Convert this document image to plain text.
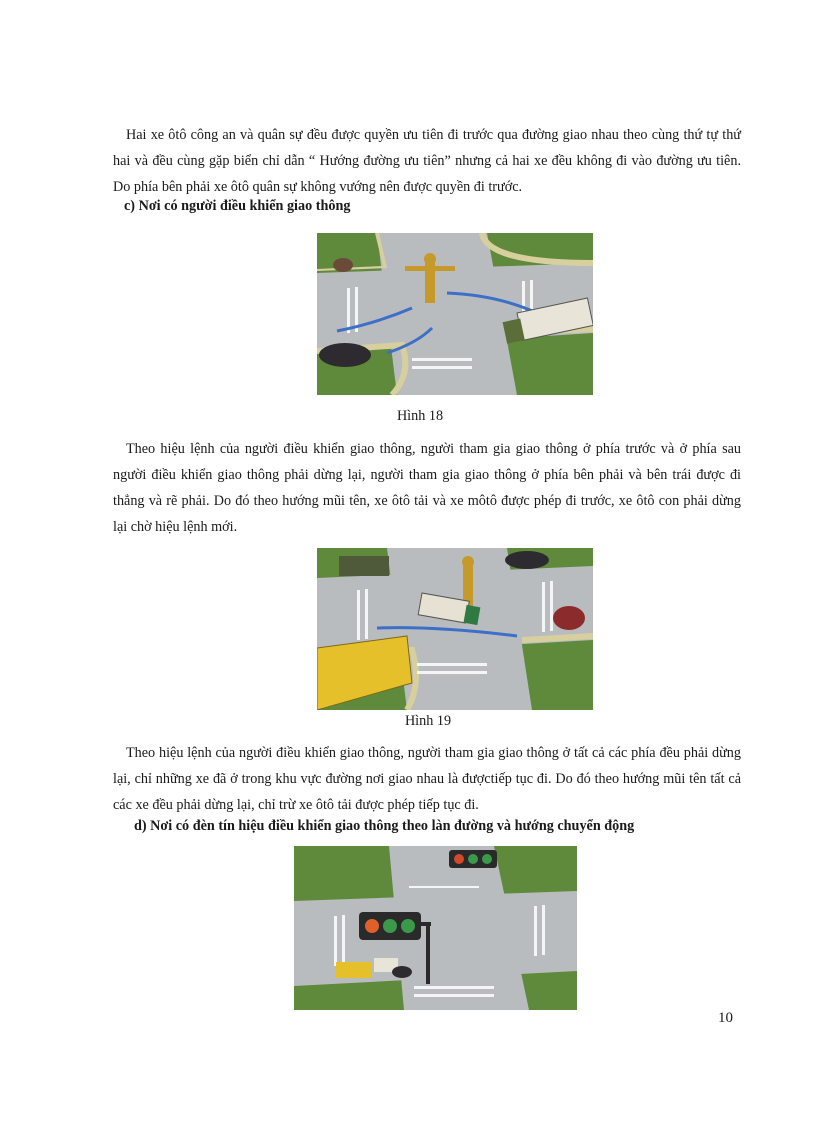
Hai xe ôtô công an và quân sự đều được quyền ưu tiên đi trước qua đường giao nhau theo cùng thứ tự thứ hai và đều cùng gặp biển chỉ dẫn “ Hướng đường ưu tiên” nhưng cả hai xe đều không đi vào đường ưu tiên. Do phía bên phải xe ôtô quân sự không vướng nên được quyền đi trước.

c) Nơi có người điều khiển giao thông

Hình 18

Theo hiệu lệnh của người điều khiển giao thông, người tham gia giao thông ở phía trước và ở phía sau người điều khiển giao thông phải dừng lại, người tham gia giao thông ở phía bên phải và bên trái được đi thẳng và rẽ phải. Do đó theo hướng mũi tên, xe ôtô tải và xe môtô được phép đi trước, xe ôtô con phải dừng lại chờ hiệu lệnh mới.

Hình 19

Theo hiệu lệnh của người điều khiển giao thông, người tham gia giao thông ở tất cả các phía đều phải dừng lại, chỉ những xe đã ở trong khu vực đường nơi giao nhau là đượctiếp tục đi. Do đó theo hướng mũi tên tất cả các xe đều phải dừng lại, chỉ trừ xe ôtô tải được phép tiếp tục đi.

d) Nơi có đèn tín hiệu điều khiển giao thông theo làn đường và hướng chuyển động

10
